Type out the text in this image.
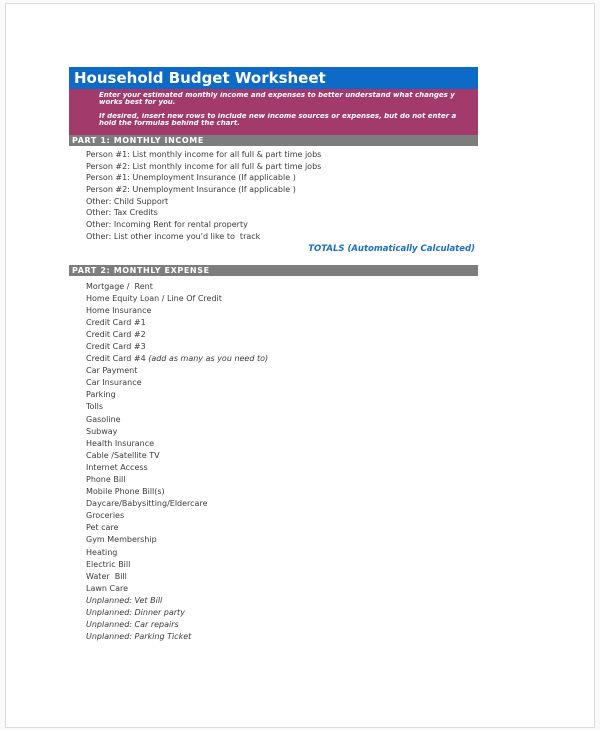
Household Budget Worksheet
Enter your estimated monthly income and expenses to better understand what changes y
works best for you.
If desired, insert new rows to include new income sources or expenses, but do not enter a
hold the formulas behind the chart.
PART 1: MONTHLY INCOME
Person #1: List monthly income for all full & part time jobs
Person #2: List monthly income for all full & part time jobs
Person #1: Unemployment Insurance (If applicable )
Person #2: Unemployment Insurance (If applicable )
Other: Child Support
Other: Tax Credits
Other: Incoming Rent for rental property
Other: List other income you'd like to  track
TOTALS (Automatically Calculated)
PART 2: MONTHLY EXPENSE
Mortgage /  Rent
Home Equity Loan / Line Of Credit
Home Insurance
Credit Card #1
Credit Card #2
Credit Card #3
Credit Card #4 (add as many as you need to)
Car Payment
Car Insurance
Parking
Tolls
Gasoline
Subway
Health Insurance
Cable /Satellite TV
Internet Access
Phone Bill
Mobile Phone Bill(s)
Daycare/Babysitting/Eldercare
Groceries
Pet care
Gym Membership
Heating
Electric Bill
Water  Bill
Lawn Care
Unplanned: Vet Bill
Unplanned: Dinner party
Unplanned: Car repairs
Unplanned: Parking Ticket
